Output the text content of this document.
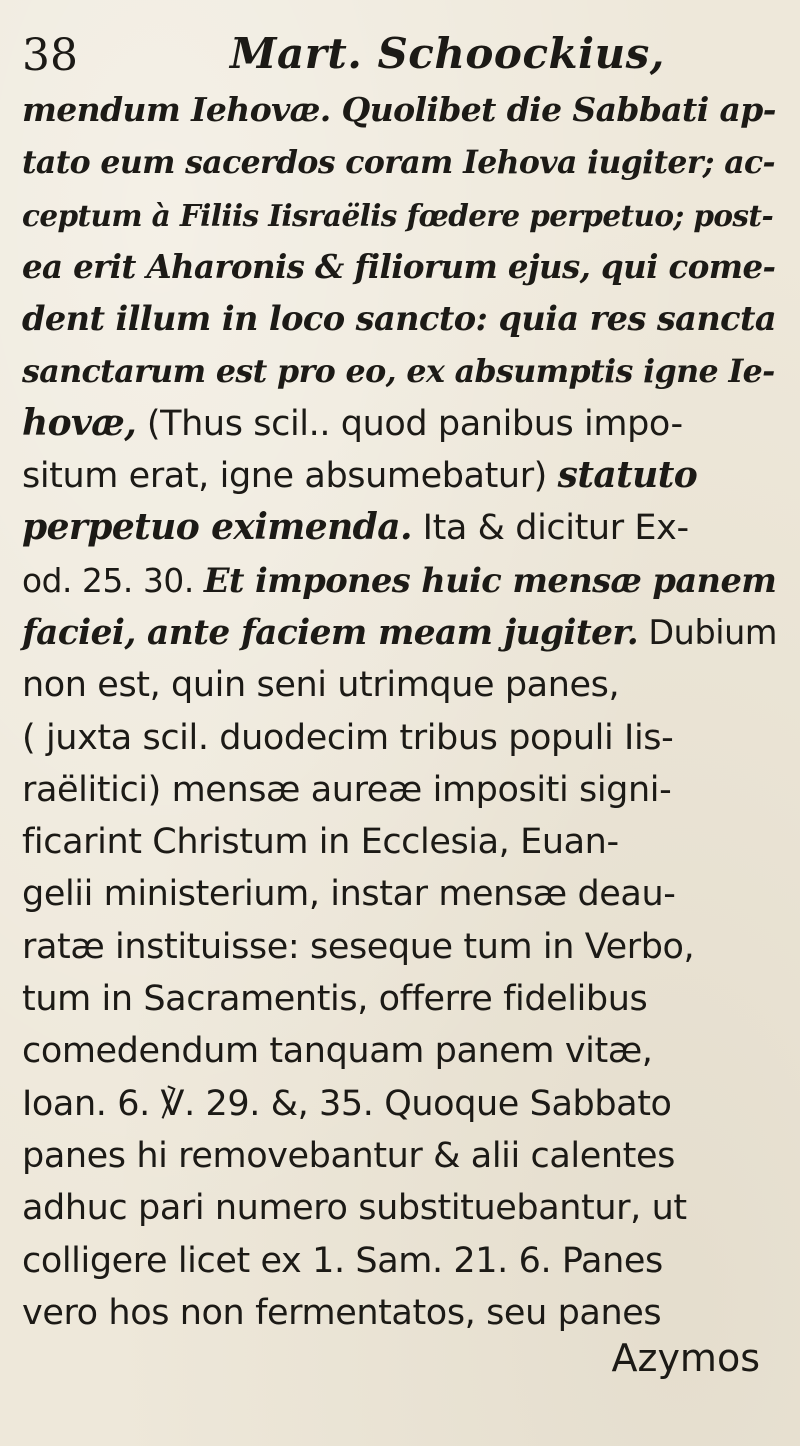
38	Mart. Schoockius,
mendum Iehovæ. Quolibet die Sabbati ap-
tato eum sacerdos coram Iehova iugiter; ac-
ceptum à Filiis Iisraëlis fœdere perpetuo; post-
ea erit Aharonis & filiorum ejus, qui come-
dent illum in loco sancto: quia res sancta
sanctarum est pro eo, ex absumptis igne Ie-
hovæ, (Thus scil.. quod panibus impo-
situm erat, igne absumebatur) statuto
perpetuo eximenda. Ita & dicitur Ex-
od. 25. 30. Et impones huic mensæ panem
faciei, ante faciem meam jugiter. Dubium
non est, quin seni utrimque panes,
( juxta scil. duodecim tribus populi Iis-
raëlitici) mensæ aureæ impositi signi-
ficarint Christum in Ecclesia, Euan-
gelii ministerium, instar mensæ deau-
ratæ instituisse: seseque tum in Verbo,
tum in Sacramentis, offerre fidelibus
comedendum tanquam panem vitæ,
Ioan. 6. ℣. 29. &, 35. Quoque Sabbato
panes hi removebantur & alii calentes
adhuc pari numero substituebantur, ut
colligere licet ex 1. Sam. 21. 6. Panes
vero hos non fermentatos, seu panes
Azymos
